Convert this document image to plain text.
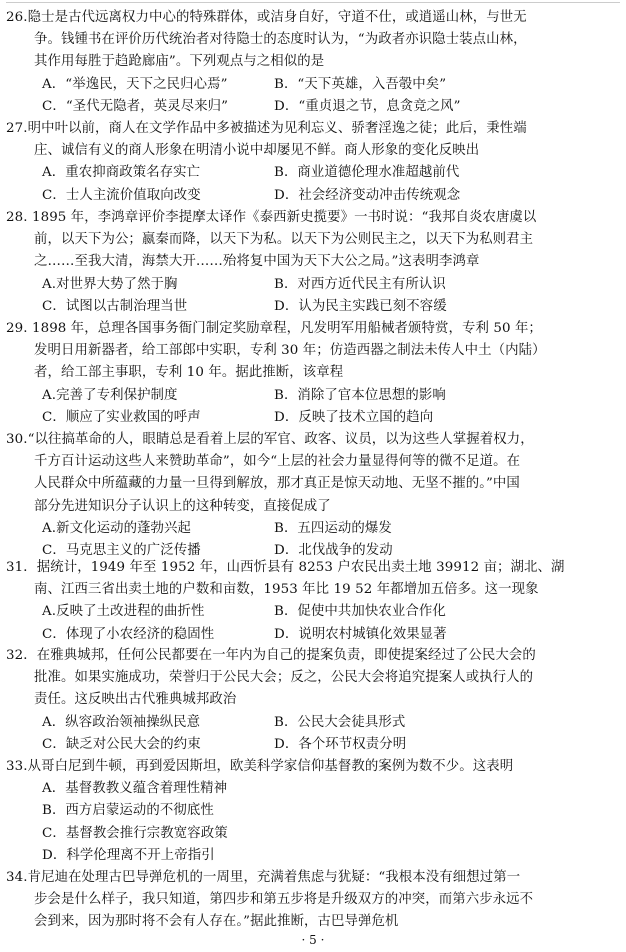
26.隐士是古代远离权力中心的特殊群体，或洁身自好，守道不仕，或逍遥山林，与世无
争。钱锺书在评价历代统治者对待隐士的态度时认为，“为政者亦识隐士装点山林，
其作用每胜于趋跄廊庙”。下列观点与之相似的是
A．“举逸民，天下之民归心焉”	B．“天下英雄，入吾彀中矣”
C．“圣代无隐者，英灵尽来归”	D．“重贞退之节，息贪竞之风”
27.明中叶以前，商人在文学作品中多被描述为见利忘义、骄奢淫逸之徒；此后，秉性端
庄、诚信有义的商人形象在明清小说中却屡见不鲜。商人形象的变化反映出
A．重农抑商政策名存实亡	B．商业道德伦理水准超越前代
C．士人主流价值取向改变	D．社会经济变动冲击传统观念
28. 1895 年，李鸿章评价李提摩太译作《泰西新史揽要》一书时说：“我邦自炎农唐虞以
前，以天下为公；嬴秦而降，以天下为私。以天下为公则民主之，以天下为私则君主
之……至我大清，海禁大开……殆将复中国为天下大公之局。”这表明李鸿章
A.对世界大势了然于胸	B．对西方近代民主有所认识
C．试图以古制治理当世	D．认为民主实践已刻不容缓
29. 1898 年，总理各国事务衙门制定奖励章程，凡发明军用船械者颁特赏，专利 50 年；
发明日用新器者，给工部郎中实职，专利 30 年；仿造西器之制法未传人中土（内陆）
者，给工部主事职，专利 10 年。据此推断，该章程
A.完善了专利保护制度	B．消除了官本位思想的影响
C．顺应了实业救国的呼声	D．反映了技术立国的趋向
30.“以往搞革命的人，眼睛总是看着上层的军官、政客、议员，以为这些人掌握着权力，
千方百计运动这些人来赞助革命”，如今“上层的社会力量显得何等的微不足道。在
人民群众中所蕴藏的力量一旦得到解放，那才真正是惊天动地、无坚不摧的。”中国
部分先进知识分子认识上的这种转变，直接促成了
A.新文化运动的蓬勃兴起	B．五四运动的爆发
C．马克思主义的广泛传播	D．北伐战争的发动
31．据统计，1949 年至 1952 年，山西忻县有 8253 户农民出卖土地 39912 亩；湖北、湖
南、江西三省出卖土地的户数和亩数，1953 年比 19 52 年都增加五倍多。这一现象
A.反映了土改进程的曲折性	B．促使中共加快农业合作化
C．体现了小农经济的稳固性	D．说明农村城镇化效果显著
32．在雅典城邦，任何公民都要在一年内为自己的提案负责，即使提案经过了公民大会的
批准。如果实施成功，荣誉归于公民大会；反之，公民大会将追究提案人或执行人的
责任。这反映出古代雅典城邦政治
A．纵容政治领袖操纵民意	B．公民大会徒具形式
C．缺乏对公民大会的约束	D．各个环节权责分明
33.从哥白尼到牛顿，再到爱因斯坦，欧美科学家信仰基督教的案例为数不少。这表明
A．基督教教义蕴含着理性精神
B．西方启蒙运动的不彻底性
C．基督教会推行宗教宽容政策
D．科学伦理离不开上帝指引
34.肯尼迪在处理古巴导弹危机的一周里，充满着焦虑与犹疑：“我根本没有细想过第一
步会是什么样子，我只知道，第四步和第五步将是升级双方的冲突，而第六步永远不
会到来，因为那时将不会有人存在。”据此推断，古巴导弹危机
· 5 ·
